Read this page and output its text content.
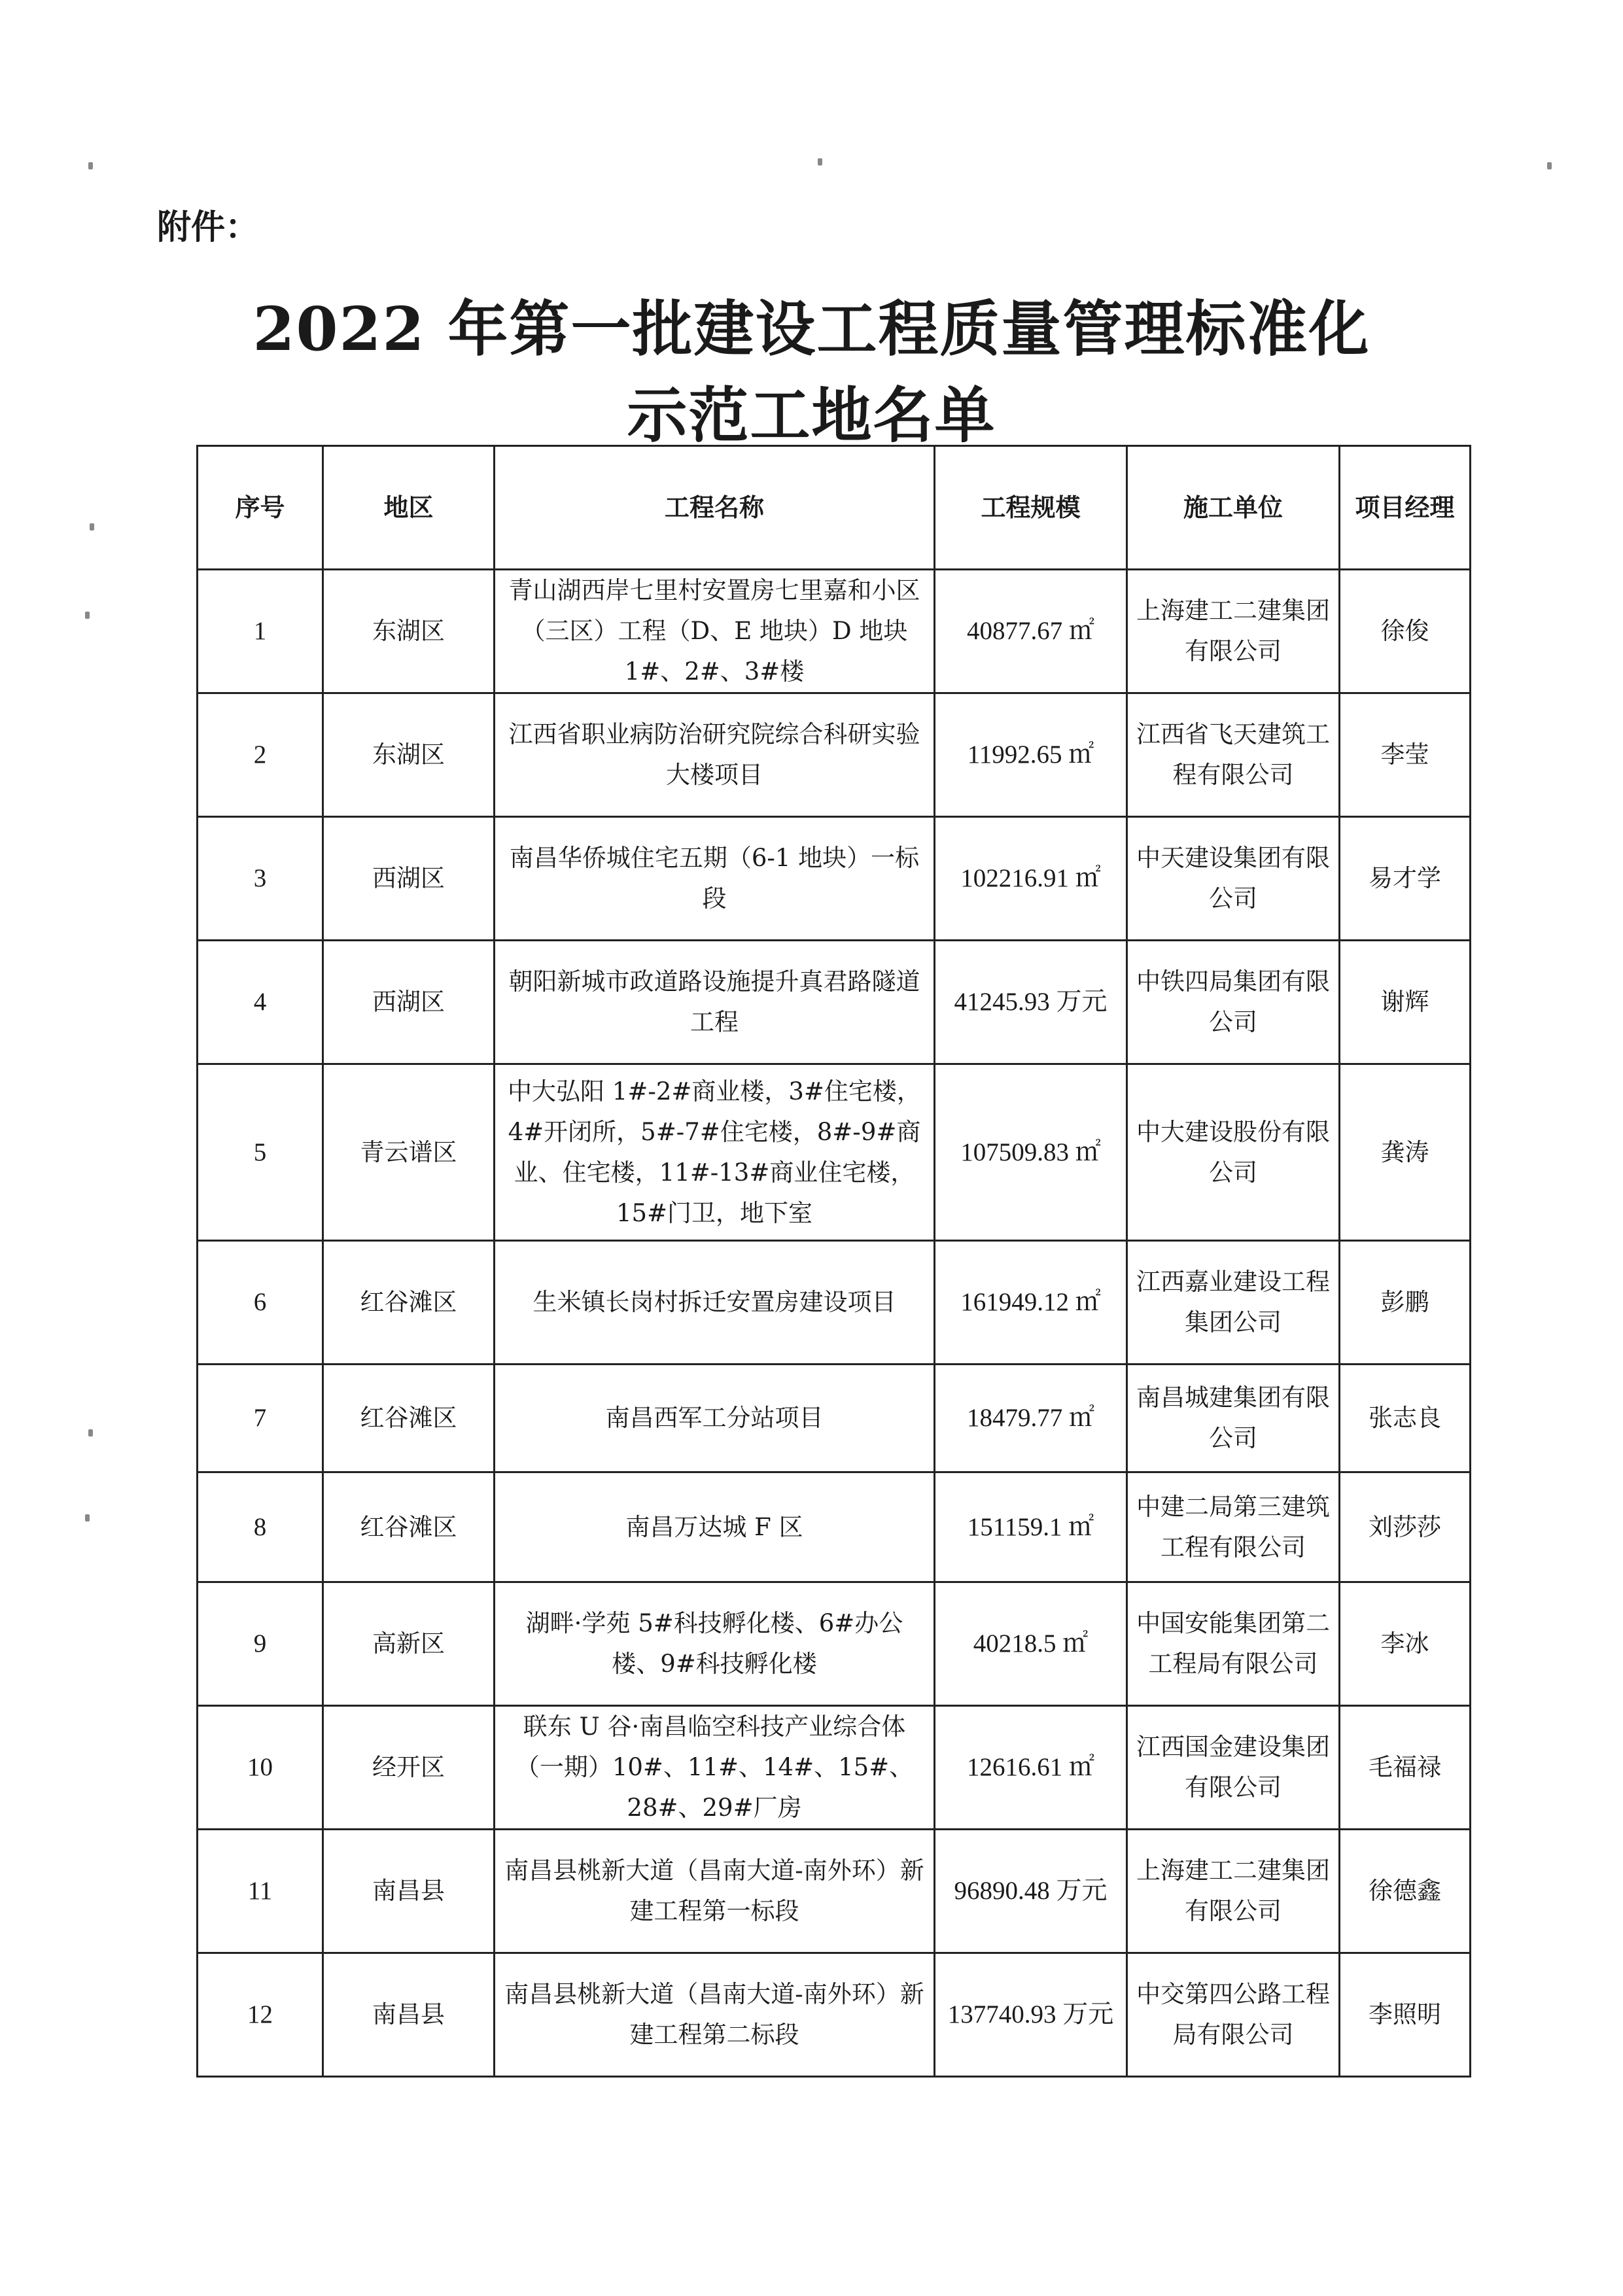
附件：
2022 年第一批建设工程质量管理标准化
示范工地名单
序号	地区	工程名称	工程规模	施工单位	项目经理
1	东湖区	青山湖西岸七里村安置房七里嘉和小区（三区）工程（D、E 地块）D 地块 1#、2#、3#楼	40877.67 ㎡	上海建工二建集团有限公司	徐俊
2	东湖区	江西省职业病防治研究院综合科研实验大楼项目	11992.65 ㎡	江西省飞天建筑工程有限公司	李莹
3	西湖区	南昌华侨城住宅五期（6-1 地块）一标段	102216.91 ㎡	中天建设集团有限公司	易才学
4	西湖区	朝阳新城市政道路设施提升真君路隧道工程	41245.93 万元	中铁四局集团有限公司	谢辉
5	青云谱区	中大弘阳 1#-2#商业楼，3#住宅楼，4#开闭所，5#-7#住宅楼，8#-9#商业、住宅楼，11#-13#商业住宅楼，15#门卫，地下室	107509.83 ㎡	中大建设股份有限公司	龚涛
6	红谷滩区	生米镇长岗村拆迁安置房建设项目	161949.12 ㎡	江西嘉业建设工程集团公司	彭鹏
7	红谷滩区	南昌西军工分站项目	18479.77 ㎡	南昌城建集团有限公司	张志良
8	红谷滩区	南昌万达城 F 区	151159.1 ㎡	中建二局第三建筑工程有限公司	刘莎莎
9	高新区	湖畔·学苑 5#科技孵化楼、6#办公楼、9#科技孵化楼	40218.5 ㎡	中国安能集团第二工程局有限公司	李冰
10	经开区	联东 U 谷·南昌临空科技产业综合体（一期）10#、11#、14#、15#、28#、29#厂房	12616.61 ㎡	江西国金建设集团有限公司	毛福禄
11	南昌县	南昌县桃新大道（昌南大道-南外环）新建工程第一标段	96890.48 万元	上海建工二建集团有限公司	徐德鑫
12	南昌县	南昌县桃新大道（昌南大道-南外环）新建工程第二标段	137740.93 万元	中交第四公路工程局有限公司	李照明
